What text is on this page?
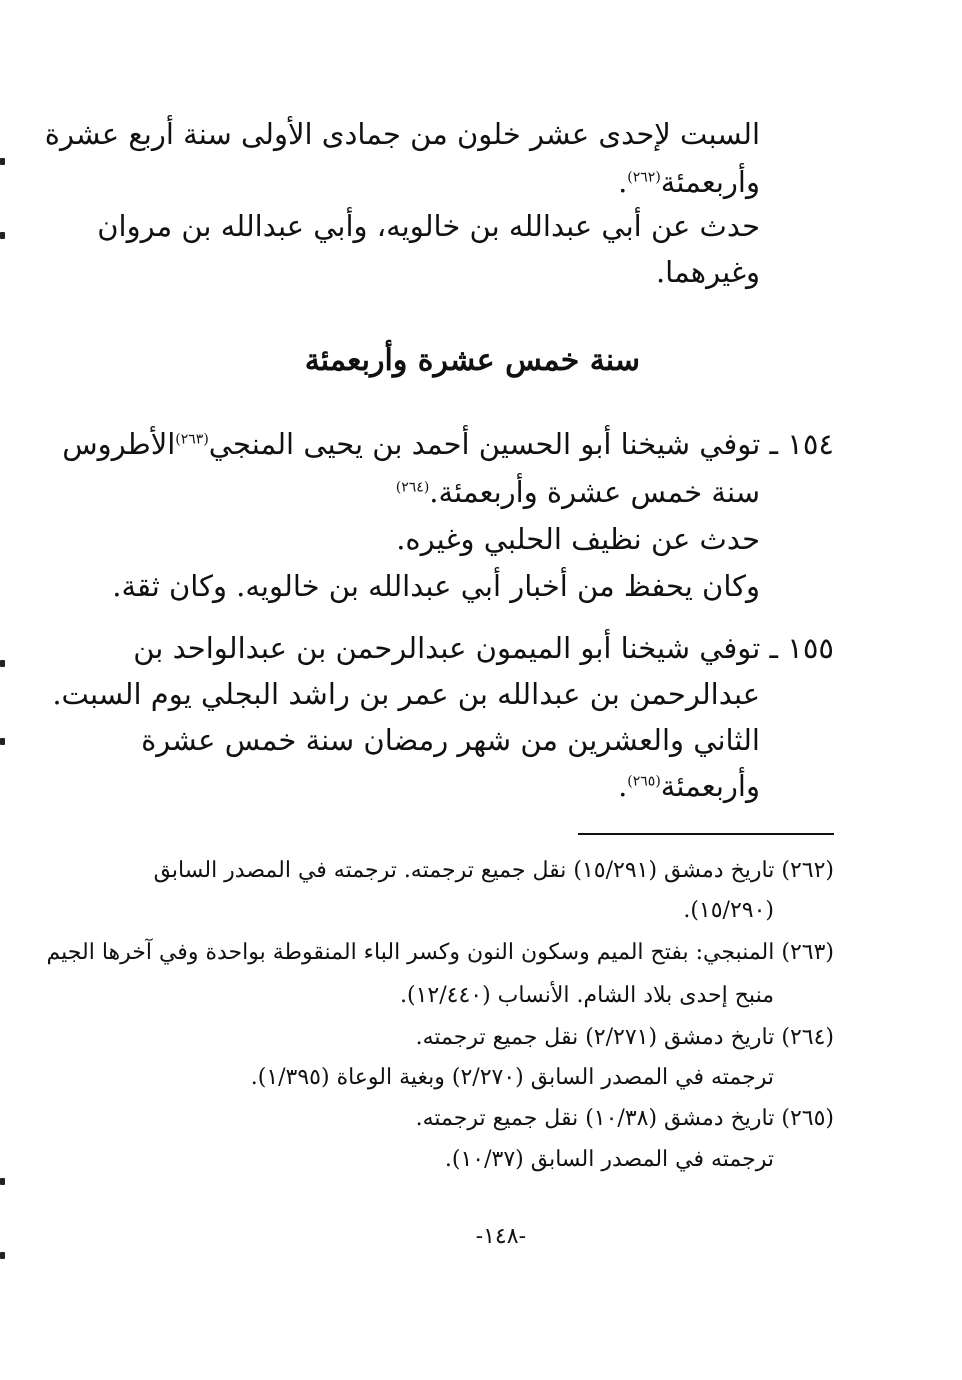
السبت لإحدى عشر خلون من جمادى الأولى سنة أربع عشرة
وأربعمئة$^{(٢٦٢)}$.
حدث عن أبي عبدالله بن خالويه، وأبي عبدالله بن مروان
وغيرهما.
سنة خمس عشرة وأربعمئة
١٥٤ ـ توفي شيخنا أبو الحسين أحمد بن يحيى المنجي$^{(٢٦٣)}$الأطروس
سنة خمس عشرة وأربعمئة.$^{(٢٦٤)}$
حدث عن نظيف الحلبي وغيره.
وكان يحفظ من أخبار أبي عبدالله بن خالويه. وكان ثقة.
١٥٥ ـ توفي شيخنا أبو الميمون عبدالرحمن بن عبدالواحد بن
عبدالرحمن بن عبدالله بن عمر بن راشد البجلي يوم السبت.
الثاني والعشرين من شهر رمضان سنة خمس عشرة
وأربعمئة$^{(٢٦٥)}$.
(٢٦٢) تاريخ دمشق (١٥/٢٩١) نقل جميع ترجمته. ترجمته في المصدر السابق
(١٥/٢٩٠).
(٢٦٣) المنبجي: بفتح الميم وسكون النون وكسر الباء المنقوطة بواحدة وفي آخرها الجيم
منبح إحدى بلاد الشام. الأنساب (١٢/٤٤٠).
(٢٦٤) تاريخ دمشق (٢/٢٧١) نقل جميع ترجمته.
ترجمته في المصدر السابق (٢/٢٧٠) وبغية الوعاة (١/٣٩٥).
(٢٦٥) تاريخ دمشق (١٠/٣٨) نقل جميع ترجمته.
ترجمته في المصدر السابق (١٠/٣٧).
-١٤٨-
